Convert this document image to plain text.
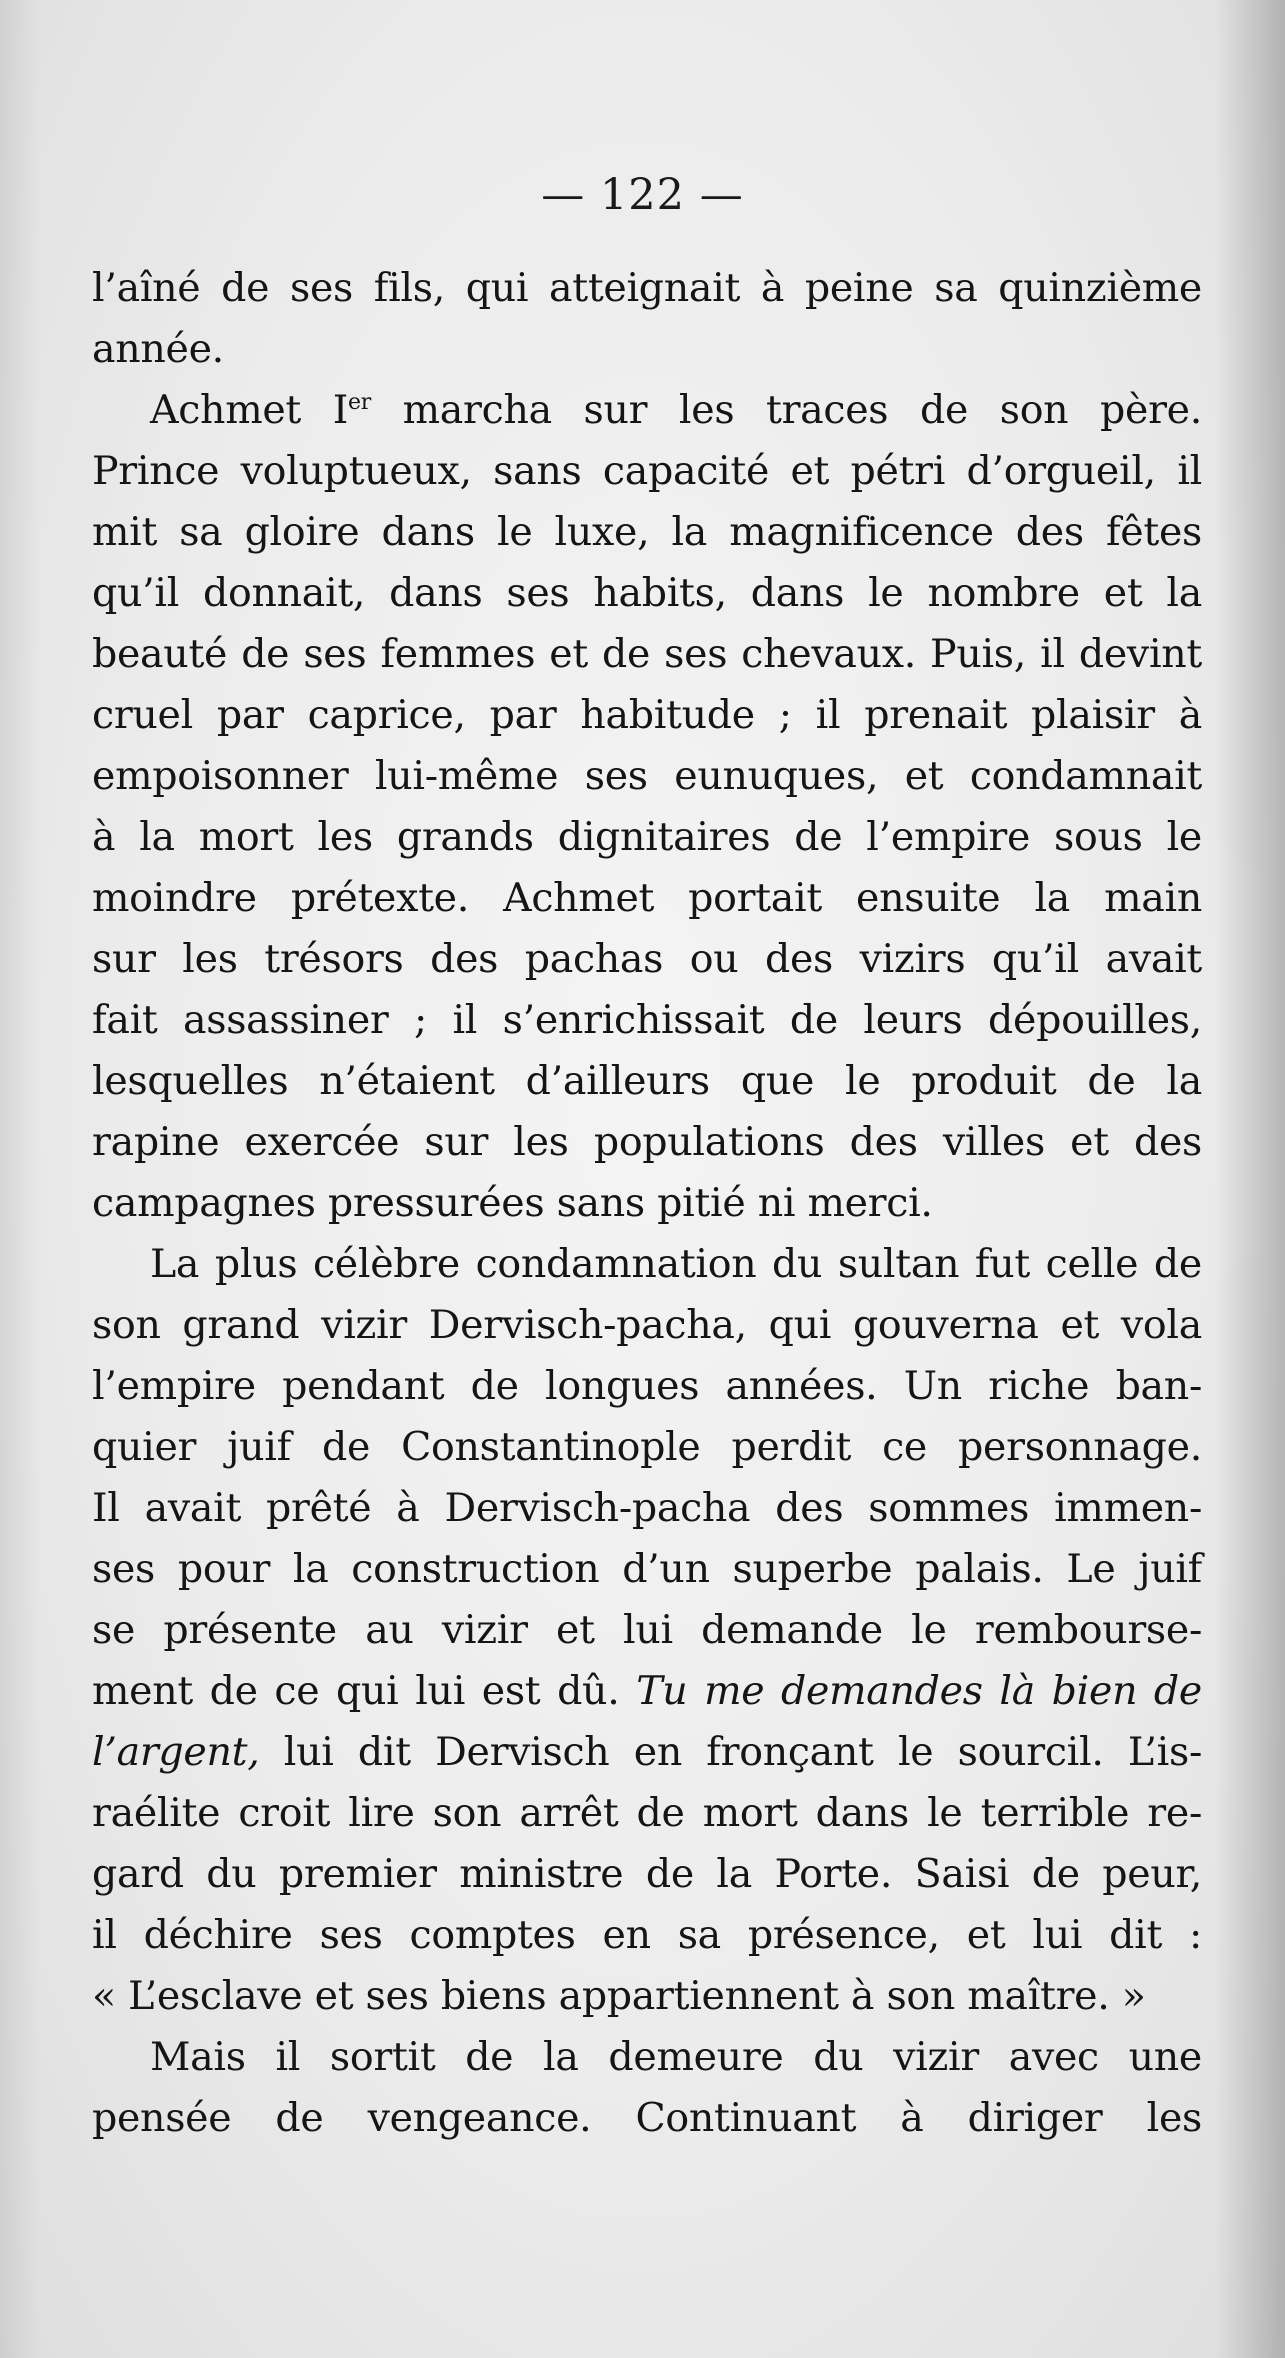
— 122 —
l’aîné de ses fils, qui atteignait à peine sa quinzième
année.
Achmet Ier marcha sur les traces de son père.
Prince voluptueux, sans capacité et pétri d’orgueil, il
mit sa gloire dans le luxe, la magnificence des fêtes
qu’il donnait, dans ses habits, dans le nombre et la
beauté de ses femmes et de ses chevaux. Puis, il devint
cruel par caprice, par habitude ; il prenait plaisir à
empoisonner lui-même ses eunuques, et condamnait
à la mort les grands dignitaires de l’empire sous le
moindre prétexte. Achmet portait ensuite la main
sur les trésors des pachas ou des vizirs qu’il avait
fait assassiner ; il s’enrichissait de leurs dépouilles,
lesquelles n’étaient d’ailleurs que le produit de la
rapine exercée sur les populations des villes et des
campagnes pressurées sans pitié ni merci.
La plus célèbre condamnation du sultan fut celle de
son grand vizir Dervisch-pacha, qui gouverna et vola
l’empire pendant de longues années. Un riche ban-
quier juif de Constantinople perdit ce personnage.
Il avait prêté à Dervisch-pacha des sommes immen-
ses pour la construction d’un superbe palais. Le juif
se présente au vizir et lui demande le rembourse-
ment de ce qui lui est dû. Tu me demandes là bien de
l’argent, lui dit Dervisch en fronçant le sourcil. L’is-
raélite croit lire son arrêt de mort dans le terrible re-
gard du premier ministre de la Porte. Saisi de peur,
il déchire ses comptes en sa présence, et lui dit :
« L’esclave et ses biens appartiennent à son maître. »
Mais il sortit de la demeure du vizir avec une
pensée de vengeance. Continuant à diriger les
